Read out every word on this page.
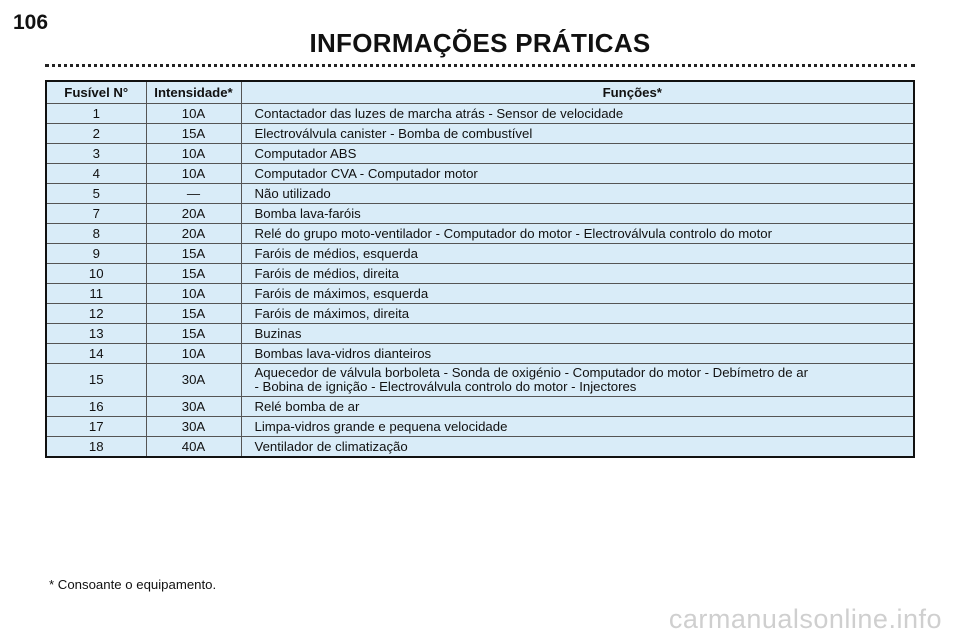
106
INFORMAÇÕES PRÁTICAS
Fusível N°	Intensidade*	Funções*
1	10A	Contactador das luzes de marcha atrás - Sensor de velocidade
2	15A	Electroválvula canister - Bomba de combustível
3	10A	Computador ABS
4	10A	Computador CVA - Computador motor
5	—	Não utilizado
7	20A	Bomba lava-faróis
8	20A	Relé do grupo moto-ventilador - Computador do motor - Electroválvula controlo do motor
9	15A	Faróis de médios, esquerda
10	15A	Faróis de médios, direita
11	10A	Faróis de máximos, esquerda
12	15A	Faróis de máximos, direita
13	15A	Buzinas
14	10A	Bombas lava-vidros dianteiros
15	30A	Aquecedor de válvula borboleta - Sonda de oxigénio - Computador do motor - Debímetro de ar
- Bobina de ignição - Electroválvula controlo do motor - Injectores

16	30A	Relé bomba de ar
17	30A	Limpa-vidros grande e pequena velocidade
18	40A	Ventilador de climatização
* Consoante o equipamento.
carmanualsonline.info
